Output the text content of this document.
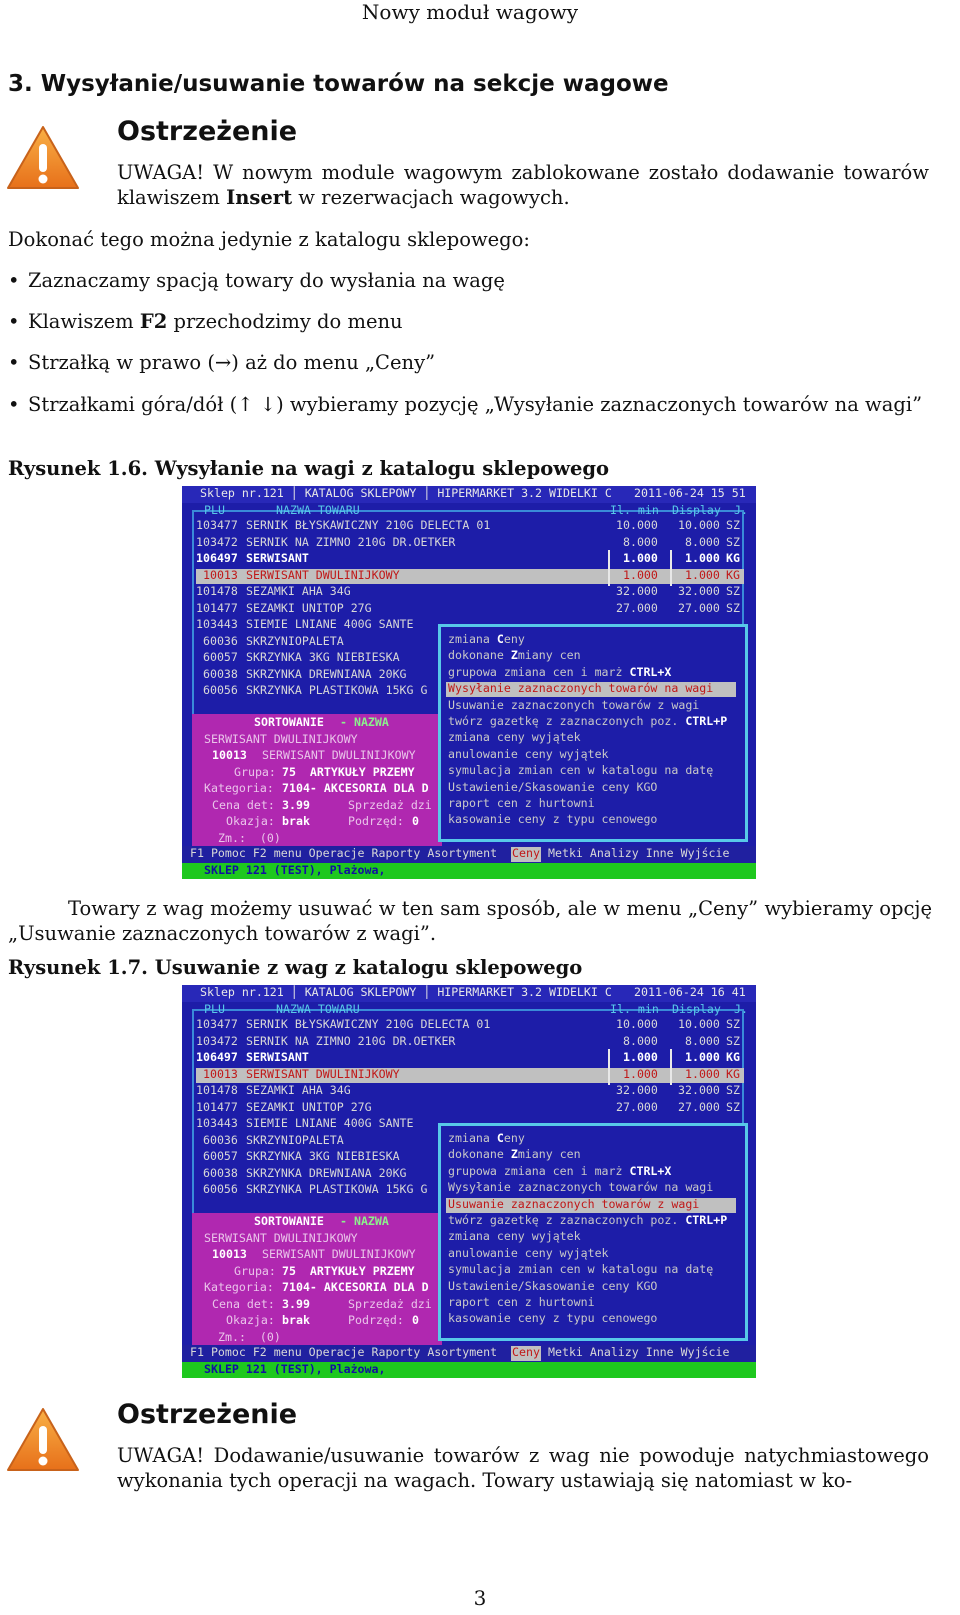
Nowy moduł wagowy
3. Wysyłanie/usuwanie towarów na sekcje wagowe
Ostrzeżenie
UWAGA! W nowym module wagowym zablokowane zostało dodawanie towarów klawiszem Insert w rezerwacjach wagowych.
Dokonać tego można jedynie z katalogu sklepowego:
• Zaznaczamy spacją towary do wysłania na wagę
• Klawiszem F2 przechodzimy do menu
• Strzałką w prawo (→) aż do menu „Ceny”
• Strzałkami góra/dół (↑ ↓) wybieramy pozycję „Wysyłanie zaznaczonych towarów na wagi”
Rysunek 1.6. Wysyłanie na wagi z katalogu sklepowego
Sklep nr.121 │ KATALOG SKLEPOWY │ HIPERMARKET 3.2 WIDELKI C 2011-06-24 15 51
PLU	NAZWA TOWARU	Il. min Display J.
103477 SERNIK BŁYSKAWICZNY 210G DELECTA 01	10.000 10.000 SZ
103472 SERNIK NA ZIMNO 210G DR.OETKER	8.000 8.000 SZ
106497 SERWISANT	1.000 1.000 KG
10013 SERWISANT DWULINIJKOWY	1.000 1.000 KG
101478 SEZAMKI AHA 34G	32.000 32.000 SZ
101477 SEZAMKI UNITOP 27G	27.000 27.000 SZ
103443 SIEMIE LNIANE 400G SANTE
60036 SKRZYNIOPALETA
60057 SKRZYNKA 3KG NIEBIESKA
60038 SKRZYNKA DREWNIANA 20KG
60056 SKRZYNKA PLASTIKOWA 15KG G
SORTOWANIE - NAZWA
SERWISANT DWULINIJKOWY
10013 SERWISANT DWULINIJKOWY
Grupa: 75  ARTYKUŁY PRZEMY
Kategoria: 7104- AKCESORIA DLA D
Cena det: 3.99	Sprzedaż dzi
Okazja: brak	Podrzęd: 0
Zm.:  (0)
zmiana Ceny
dokonane Zmiany cen
grupowa zmiana cen i marż CTRL+X
Wysyłanie zaznaczonych towarów na wagi
Usuwanie zaznaczonych towarów z wagi
twórz gazetkę z zaznaczonych poz. CTRL+P
zmiana ceny wyjątek
anulowanie ceny wyjątek
symulacja zmian cen w katalogu na datę
Ustawienie/Skasowanie ceny KGO
raport cen z hurtowni
kasowanie ceny z typu cenowego
F1 Pomoc F2 menu Operacje Raporty Asortyment Ceny Metki Analizy Inne Wyjście
SKLEP 121 (TEST), Plażowa,
Towary z wag możemy usuwać w ten sam sposób, ale w menu „Ceny” wybieramy opcję „Usuwanie zaznaczonych towarów z wagi”.
Rysunek 1.7. Usuwanie z wag z katalogu sklepowego
Sklep nr.121 │ KATALOG SKLEPOWY │ HIPERMARKET 3.2 WIDELKI C 2011-06-24 16 41
PLU	NAZWA TOWARU	Il. min Display J.
103477 SERNIK BŁYSKAWICZNY 210G DELECTA 01	10.000 10.000 SZ
103472 SERNIK NA ZIMNO 210G DR.OETKER	8.000 8.000 SZ
106497 SERWISANT	1.000 1.000 KG
10013 SERWISANT DWULINIJKOWY	1.000 1.000 KG
101478 SEZAMKI AHA 34G	32.000 32.000 SZ
101477 SEZAMKI UNITOP 27G	27.000 27.000 SZ
103443 SIEMIE LNIANE 400G SANTE
60036 SKRZYNIOPALETA
60057 SKRZYNKA 3KG NIEBIESKA
60038 SKRZYNKA DREWNIANA 20KG
60056 SKRZYNKA PLASTIKOWA 15KG G
SORTOWANIE - NAZWA
SERWISANT DWULINIJKOWY
10013 SERWISANT DWULINIJKOWY
Grupa: 75  ARTYKUŁY PRZEMY
Kategoria: 7104- AKCESORIA DLA D
Cena det: 3.99	Sprzedaż dzi
Okazja: brak	Podrzęd: 0
Zm.:  (0)
zmiana Ceny
dokonane Zmiany cen
grupowa zmiana cen i marż CTRL+X
Wysyłanie zaznaczonych towarów na wagi
Usuwanie zaznaczonych towarów z wagi
twórz gazetkę z zaznaczonych poz. CTRL+P
zmiana ceny wyjątek
anulowanie ceny wyjątek
symulacja zmian cen w katalogu na datę
Ustawienie/Skasowanie ceny KGO
raport cen z hurtowni
kasowanie ceny z typu cenowego
F1 Pomoc F2 menu Operacje Raporty Asortyment Ceny Metki Analizy Inne Wyjście
SKLEP 121 (TEST), Plażowa,
Ostrzeżenie
UWAGA! Dodawanie/usuwanie towarów z wag nie powoduje natychmiastowego wykonania tych operacji na wagach. Towary ustawiają się natomiast w ko-
3
